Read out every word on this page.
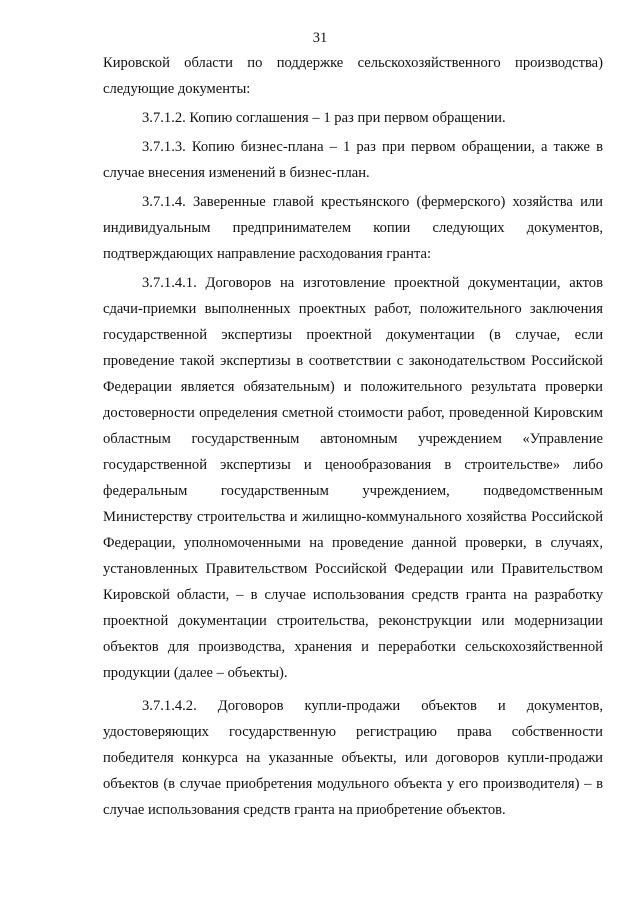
31

Кировской области по поддержке сельскохозяйственного производства) следующие документы:

3.7.1.2. Копию соглашения – 1 раз при первом обращении.

3.7.1.3. Копию бизнес-плана – 1 раз при первом обращении, а также в случае внесения изменений в бизнес-план.

3.7.1.4. Заверенные главой крестьянского (фермерского) хозяйства или индивидуальным предпринимателем копии следующих документов, подтверждающих направление расходования гранта:

3.7.1.4.1. Договоров на изготовление проектной документации, актов сдачи-приемки выполненных проектных работ, положительного заключения государственной экспертизы проектной документации (в случае, если проведение такой экспертизы в соответствии с законодательством Российской Федерации является обязательным) и положительного результата проверки достоверности определения сметной стоимости работ, проведенной Кировским областным государственным автономным учреждением «Управление государственной экспертизы и ценообразования в строительстве» либо федеральным государственным учреждением, подведомственным Министерству строительства и жилищно-коммунального хозяйства Российской Федерации, уполномоченными на проведение данной проверки, в случаях, установленных Правительством Российской Федерации или Правительством Кировской области, – в случае использования средств гранта на разработку проектной документации строительства, реконструкции или модернизации объектов для производства, хранения и переработки сельскохозяйственной продукции (далее – объекты).

3.7.1.4.2. Договоров купли-продажи объектов и документов, удостоверяющих государственную регистрацию права собственности победителя конкурса на указанные объекты, или договоров купли-продажи объектов (в случае приобретения модульного объекта у его производителя) – в случае использования средств гранта на приобретение объектов.
